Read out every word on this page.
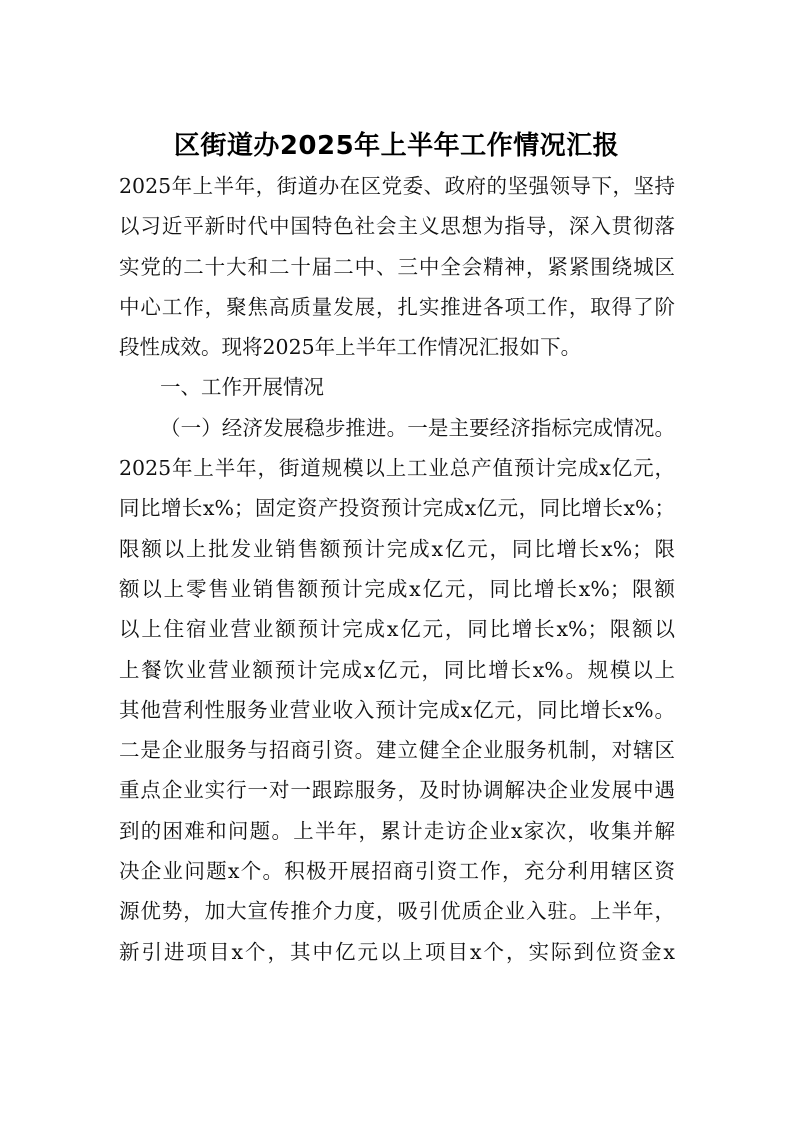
区街道办2025年上半年工作情况汇报
2025年上半年，街道办在区党委、政府的坚强领导下，坚持
以习近平新时代中国特色社会主义思想为指导，深入贯彻落
实党的二十大和二十届二中、三中全会精神，紧紧围绕城区
中心工作，聚焦高质量发展，扎实推进各项工作，取得了阶
段性成效。现将2025年上半年工作情况汇报如下。
一、工作开展情况
（一）经济发展稳步推进。一是主要经济指标完成情况。
2025年上半年，街道规模以上工业总产值预计完成x亿元，
同比增长x%；固定资产投资预计完成x亿元，同比增长x%；
限额以上批发业销售额预计完成x亿元，同比增长x%；限
额以上零售业销售额预计完成x亿元，同比增长x%；限额
以上住宿业营业额预计完成x亿元，同比增长x%；限额以
上餐饮业营业额预计完成x亿元，同比增长x%。规模以上
其他营利性服务业营业收入预计完成x亿元，同比增长x%。
二是企业服务与招商引资。建立健全企业服务机制，对辖区
重点企业实行一对一跟踪服务，及时协调解决企业发展中遇
到的困难和问题。上半年，累计走访企业x家次，收集并解
决企业问题x个。积极开展招商引资工作，充分利用辖区资
源优势，加大宣传推介力度，吸引优质企业入驻。上半年，
新引进项目x个，其中亿元以上项目x个，实际到位资金x
